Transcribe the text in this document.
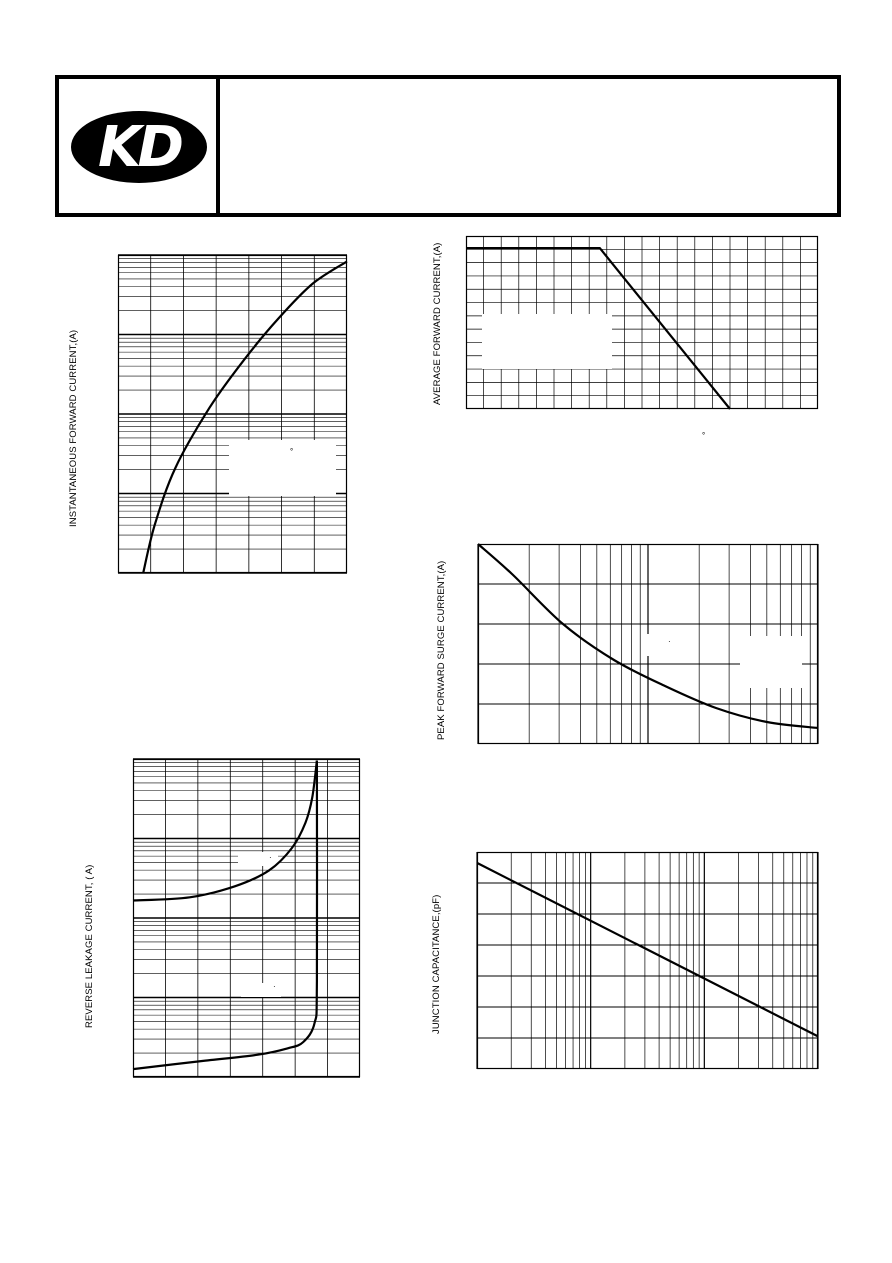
KD
INSTANTANEOUS FORWARD CURRENT,(A)	°
AVERAGE FORWARD CURRENT,(A)
°
REVERSE LEAKAGE CURRENT, ( A)
·
·
PEAK FORWARD SURGE CURRENT,(A)	·
JUNCTION CAPACITANCE,(pF)
